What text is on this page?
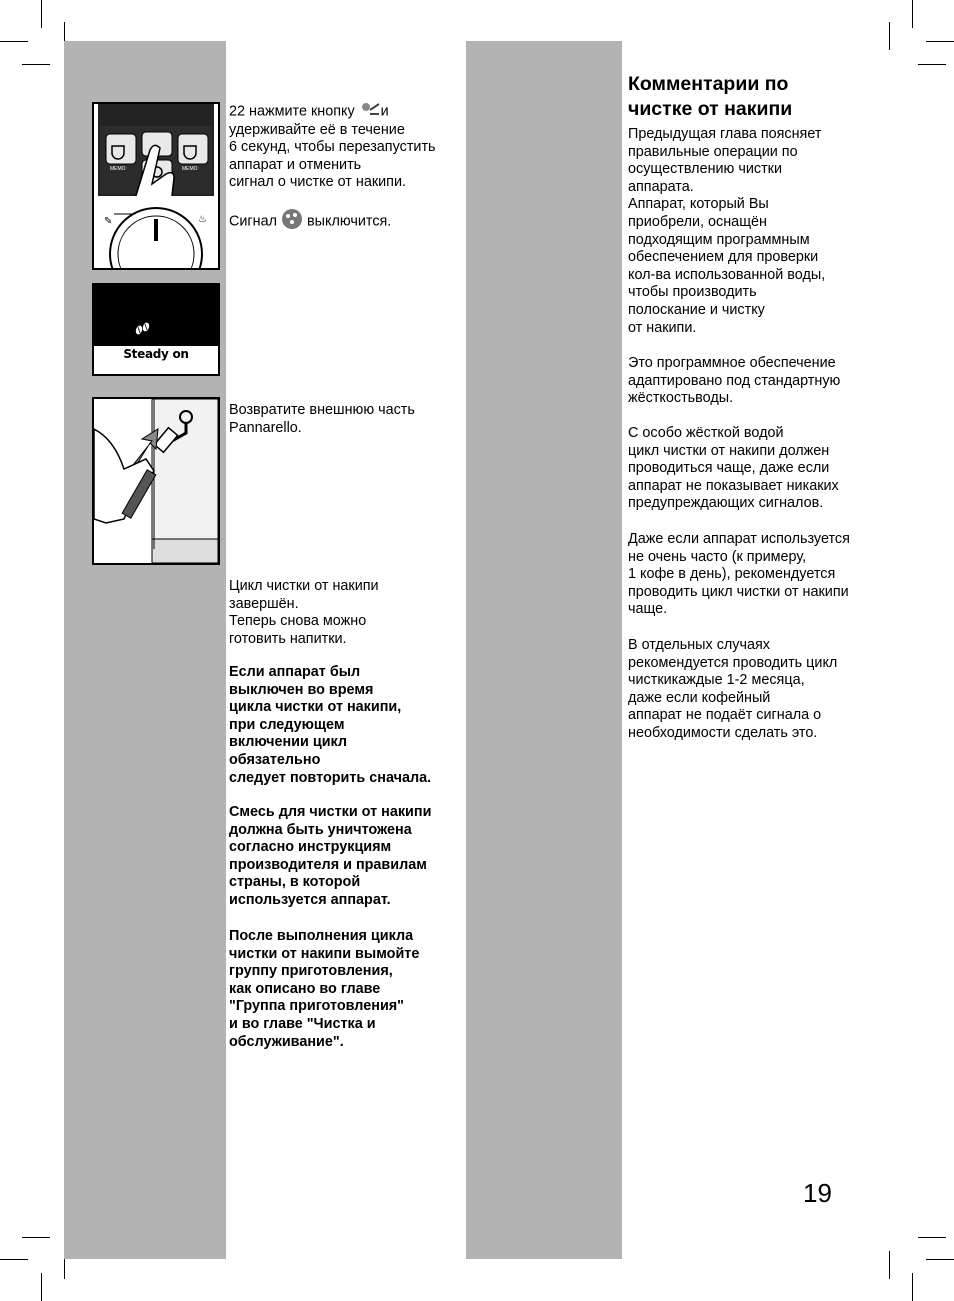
MEMO	MEMO
✎	♨
Steady on
22 нажмите кнопку и
удерживайте её в течение
6 секунд, чтобы перезапустить
аппарат и отменить
сигнал о чистке от накипи.
Сигнал  выключится.
Возвратите внешнюю часть
Pannarello.
Цикл чистки от накипи
завершён.
Теперь снова можно
готовить напитки.
Если аппарат был
выключен во время
цикла чистки от накипи,
при следующем
включении цикл
обязательно
следует повторить сначала.
Смесь для чистки от накипи
должна быть уничтожена
согласно инструкциям
производителя и правилам
страны, в которой
используется аппарат.
После выполнения цикла
чистки от накипи вымойте
группу приготовления,
как описано во главе
"Группа приготовления"
и во главе "Чистка и
обслуживание".
Комментарии по
чистке от накипи
Предыдущая глава поясняет
правильные операции по
осуществлению чистки
аппарата.
Аппарат, который Вы
приобрели, оснащён
подходящим программным
обеспечением для проверки
кол-ва использованной воды,
чтобы производить
полоскание и чистку
от накипи.
Это программное обеспечение
адаптировано под стандартную
жёсткостьводы.
С особо жёсткой водой
цикл чистки от накипи должен
проводиться чаще, даже если
аппарат не показывает никаких
предупреждающих сигналов.
Даже если аппарат используется
не очень часто (к примеру,
1 кофе в день), рекомендуется
проводить цикл чистки от накипи
чаще.
В отдельных случаях
рекомендуется проводить цикл
чисткикаждые 1-2 месяца,
даже если кофейный
аппарат не подаёт сигнала о
необходимости сделать это.
19
